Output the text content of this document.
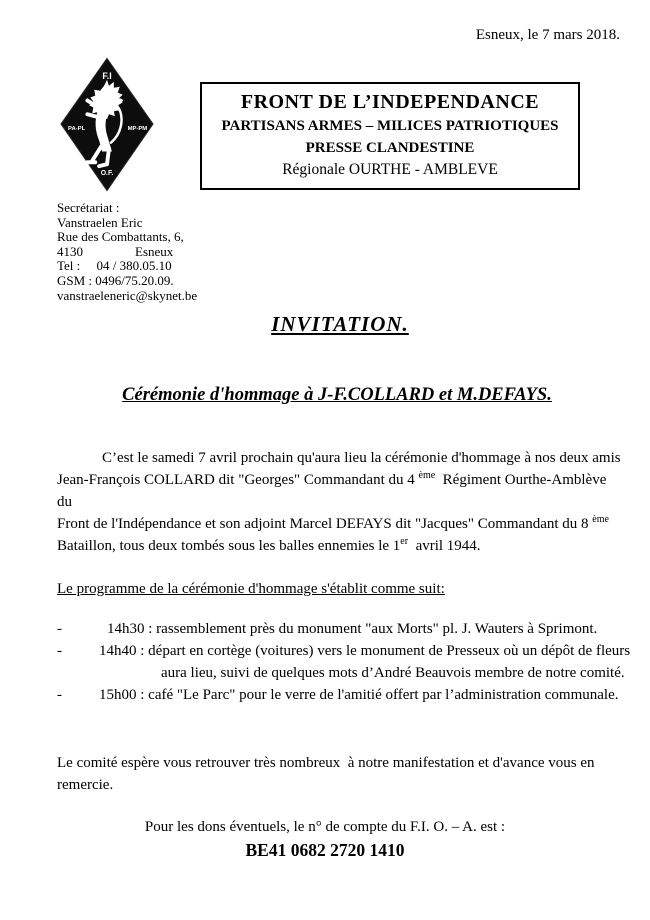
Esneux, le 7 mars 2018.
F.I
PA-PL	MP-PM
O.F.
FRONT DE L’INDEPENDANCE
PARTISANS ARMES – MILICES PATRIOTIQUES
PRESSE CLANDESTINE
Régionale OURTHE - AMBLEVE
Secrétariat :
Vanstraelen Eric
Rue des Combattants, 6,
4130                Esneux
Tel :     04 / 380.05.10
GSM : 0496/75.20.09.
vanstraeleneric@skynet.be
INVITATION.
Cérémonie d'hommage à J-F.COLLARD et M.DEFAYS.
C’est le samedi 7 avril prochain qu'aura lieu la cérémonie d'hommage à nos deux amis
Jean-François COLLARD dit "Georges" Commandant du 4 $^{ème}$  Régiment Ourthe-Amblève
du
Front de l'Indépendance et son adjoint Marcel DEFAYS dit "Jacques" Commandant du 8 $^{ème}$
Bataillon, tous deux tombés sous les balles ennemies le 1er  avril 1944.
Le programme de la cérémonie d'hommage s'établit comme suit:
-	14h30 : rassemblement près du monument "aux Morts" pl. J. Wauters à Sprimont.
-	14h40 : départ en cortège (voitures) vers le monument de Presseux où un dépôt de fleurs
aura lieu, suivi de quelques mots d’André Beauvois membre de notre comité.
-	15h00 : café "Le Parc" pour le verre de l'amitié offert par l’administration communale.
Le comité espère vous retrouver très nombreux  à notre manifestation et d'avance vous en
remercie.
Pour les dons éventuels, le n° de compte du F.I. O. – A. est :
BE41 0682 2720 1410
